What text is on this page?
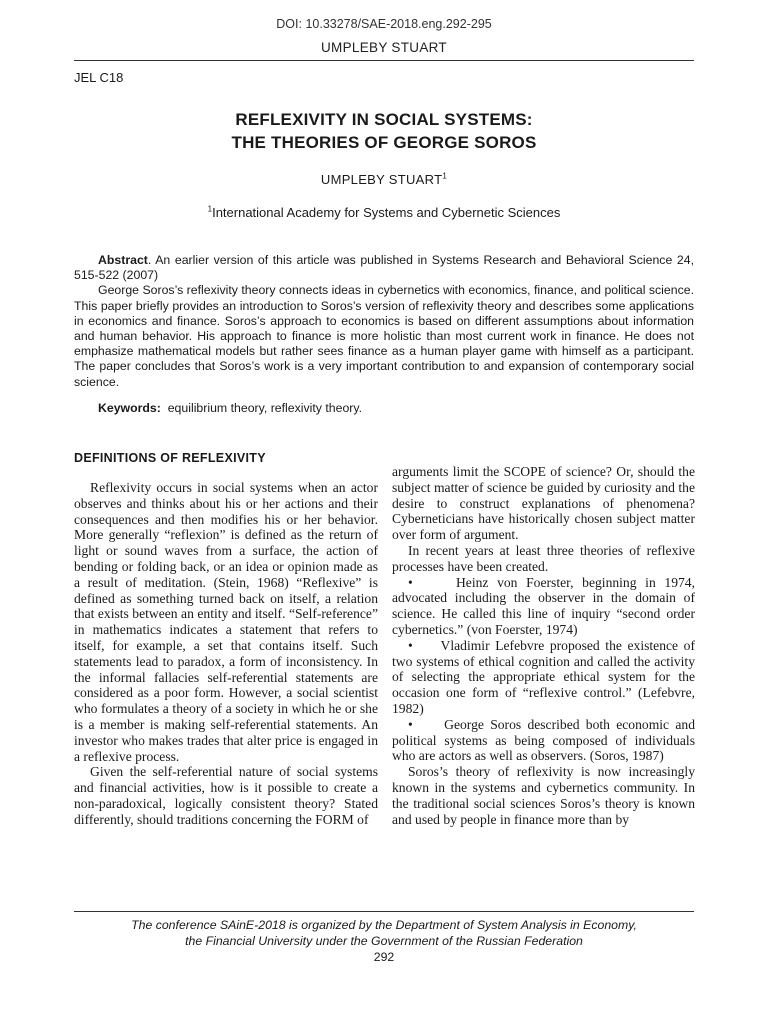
DOI: 10.33278/SAE-2018.eng.292-295
UMPLEBY STUART
JEL C18
REFLEXIVITY IN SOCIAL SYSTEMS:
THE THEORIES OF GEORGE SOROS
UMPLEBY STUART$^1$
$^1$International Academy for Systems and Cybernetic Sciences

Abstract. An earlier version of this article was published in Systems Research and Behavioral Science 24, 515-522 (2007)

George Soros’s reflexivity theory connects ideas in cybernetics with economics, finance, and political science. This paper briefly provides an introduction to Soros’s version of reflexivity theory and describes some applications in economics and finance. Soros’s approach to economics is based on different assumptions about information and human behavior. His approach to finance is more holistic than most current work in finance. He does not emphasize mathematical models but rather sees finance as a human player game with himself as a participant. The paper concludes that Soros’s work is a very important contribution to and expansion of contemporary social science.

Keywords: equilibrium theory, reflexivity theory.
DEFINITIONS OF REFLEXIVITY

Reflexivity occurs in social systems when an actor observes and thinks about his or her actions and their consequences and then modifies his or her behavior. More generally “reflexion” is defined as the return of light or sound waves from a surface, the action of bending or folding back, or an idea or opinion made as a result of meditation. (Stein, 1968) “Reflexive” is defined as something turned back on itself, a relation that exists between an entity and itself. “Self-reference” in mathematics indicates a statement that refers to itself, for example, a set that contains itself. Such statements lead to paradox, a form of inconsistency. In the informal fallacies self-referential statements are considered as a poor form. However, a social scientist who formulates a theory of a society in which he or she is a member is making self-referential statements. An investor who makes trades that alter price is engaged in a reflexive process.

Given the self-referential nature of social systems and financial activities, how is it possible to create a non-paradoxical, logically consistent theory? Stated differently, should traditions concerning the FORM of

arguments limit the SCOPE of science? Or, should the subject matter of science be guided by curiosity and the desire to construct explanations of phenomena? Cyberneticians have historically chosen subject matter over form of argument.

In recent years at least three theories of reflexive processes have been created.

•	Heinz von Foerster, beginning in 1974, advocated including the observer in the domain of science. He called this line of inquiry “second order cybernetics.” (von Foerster, 1974)

• Vladimir Lefebvre proposed the existence of two systems of ethical cognition and called the activity of selecting the appropriate ethical system for the occasion one form of “reflexive control.” (Lefebvre, 1982)

• George Soros described both economic and political systems as being composed of individuals who are actors as well as observers. (Soros, 1987)

Soros’s theory of reflexivity is now increasingly known in the systems and cybernetics community. In the traditional social sciences Soros’s theory is known and used by people in finance more than by

The conference SAinE-2018 is organized by the Department of System Analysis in Economy,
the Financial University under the Government of the Russian Federation
292
